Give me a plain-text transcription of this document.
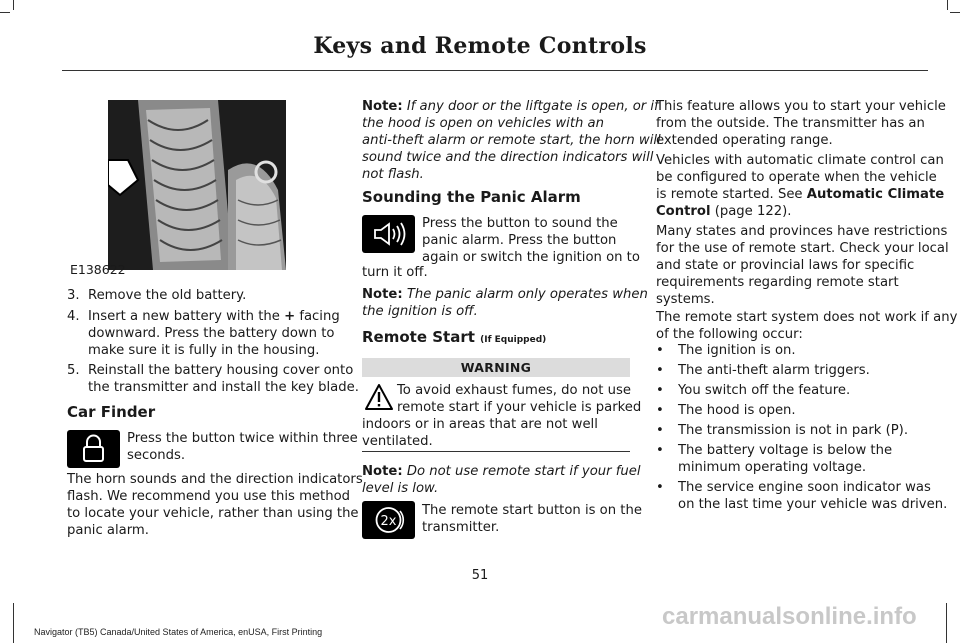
Keys and Remote Controls
E138622
3. Remove the old battery.
4. Insert a new battery with the + facing
downward. Press the battery down to
make sure it is fully in the housing.
5. Reinstall the battery housing cover onto
the transmitter and install the key blade.
Car Finder
Press the button twice within three
seconds.
The horn sounds and the direction indicators
flash. We recommend you use this method
to locate your vehicle, rather than using the
panic alarm.
Note: If any door or the liftgate is open, or if
the hood is open on vehicles with an
anti-theft alarm or remote start, the horn will
sound twice and the direction indicators will
not flash.
Sounding the Panic Alarm
Press the button to sound the
panic alarm. Press the button
again or switch the ignition on to
turn it off.
Note: The panic alarm only operates when
the ignition is off.
Remote Start (If Equipped)
WARNING
To avoid exhaust fumes, do not use
remote start if your vehicle is parked
indoors or in areas that are not well
ventilated.
Note: Do not use remote start if your fuel
level is low.
2x
The remote start button is on the
transmitter.
This feature allows you to start your vehicle
from the outside. The transmitter has an
extended operating range.
Vehicles with automatic climate control can
be configured to operate when the vehicle
is remote started. See Automatic Climate
Control (page 122).
Many states and provinces have restrictions
for the use of remote start. Check your local
and state or provincial laws for specific
requirements regarding remote start
systems.
The remote start system does not work if any
of the following occur:
• The ignition is on.
• The anti-theft alarm triggers.
• You switch off the feature.
• The hood is open.
• The transmission is not in park (P).
• The battery voltage is below the
minimum operating voltage.
• The service engine soon indicator was
on the last time your vehicle was driven.
51
Navigator (TB5) Canada/United States of America, enUSA, First Printing
carmanualsonline.info
